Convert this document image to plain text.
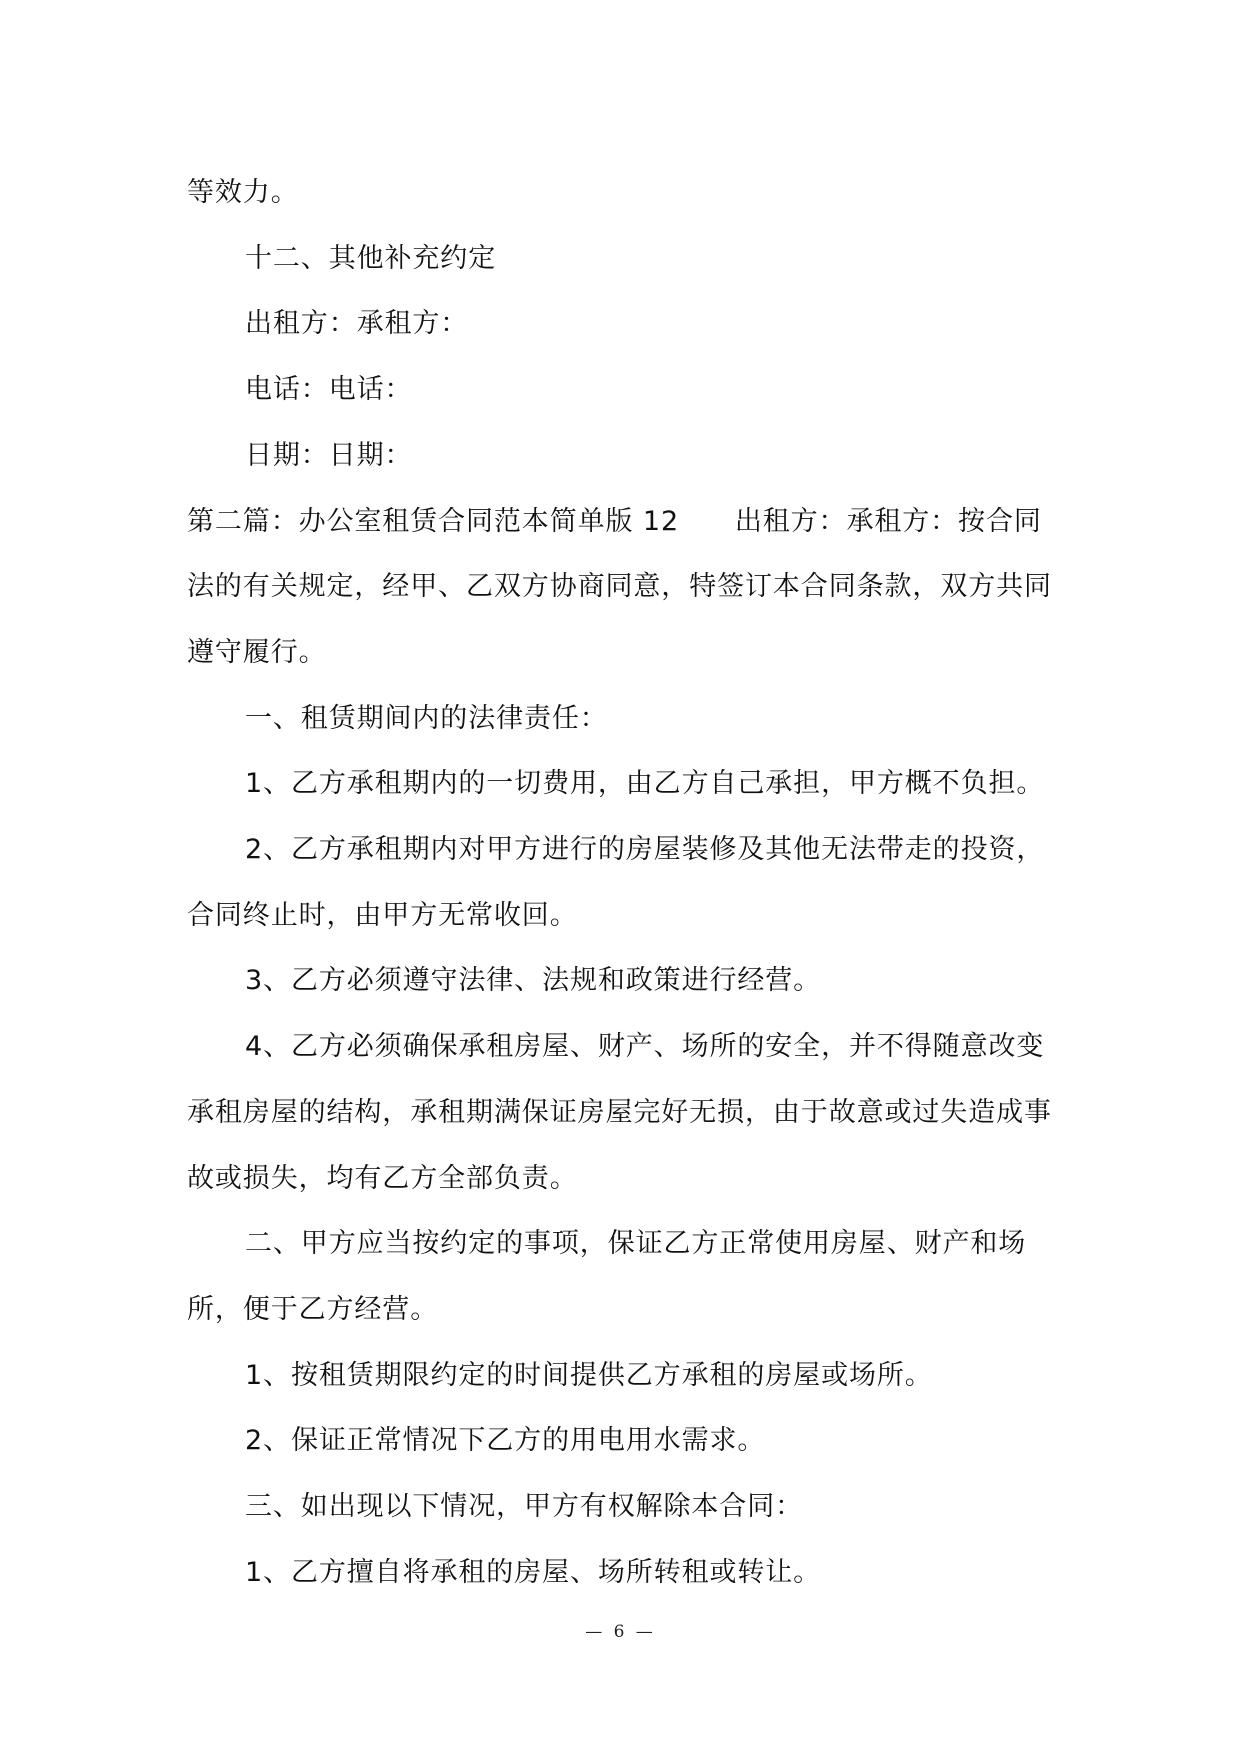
等效力。

十二、其他补充约定

出租方：承租方：

电话：电话：

日期：日期：

第二篇：办公室租赁合同范本简单版 12　　出租方：承租方：按合同法的有关规定，经甲、乙双方协商同意，特签订本合同条款，双方共同遵守履行。

一、租赁期间内的法律责任：

1、乙方承租期内的一切费用，由乙方自己承担，甲方概不负担。

2、乙方承租期内对甲方进行的房屋装修及其他无法带走的投资，合同终止时，由甲方无常收回。

3、乙方必须遵守法律、法规和政策进行经营。

4、乙方必须确保承租房屋、财产、场所的安全，并不得随意改变承租房屋的结构，承租期满保证房屋完好无损，由于故意或过失造成事故或损失，均有乙方全部负责。

二、甲方应当按约定的事项，保证乙方正常使用房屋、财产和场所，便于乙方经营。

1、按租赁期限约定的时间提供乙方承租的房屋或场所。

2、保证正常情况下乙方的用电用水需求。

三、如出现以下情况，甲方有权解除本合同：

1、乙方擅自将承租的房屋、场所转租或转让。

— 6 —
